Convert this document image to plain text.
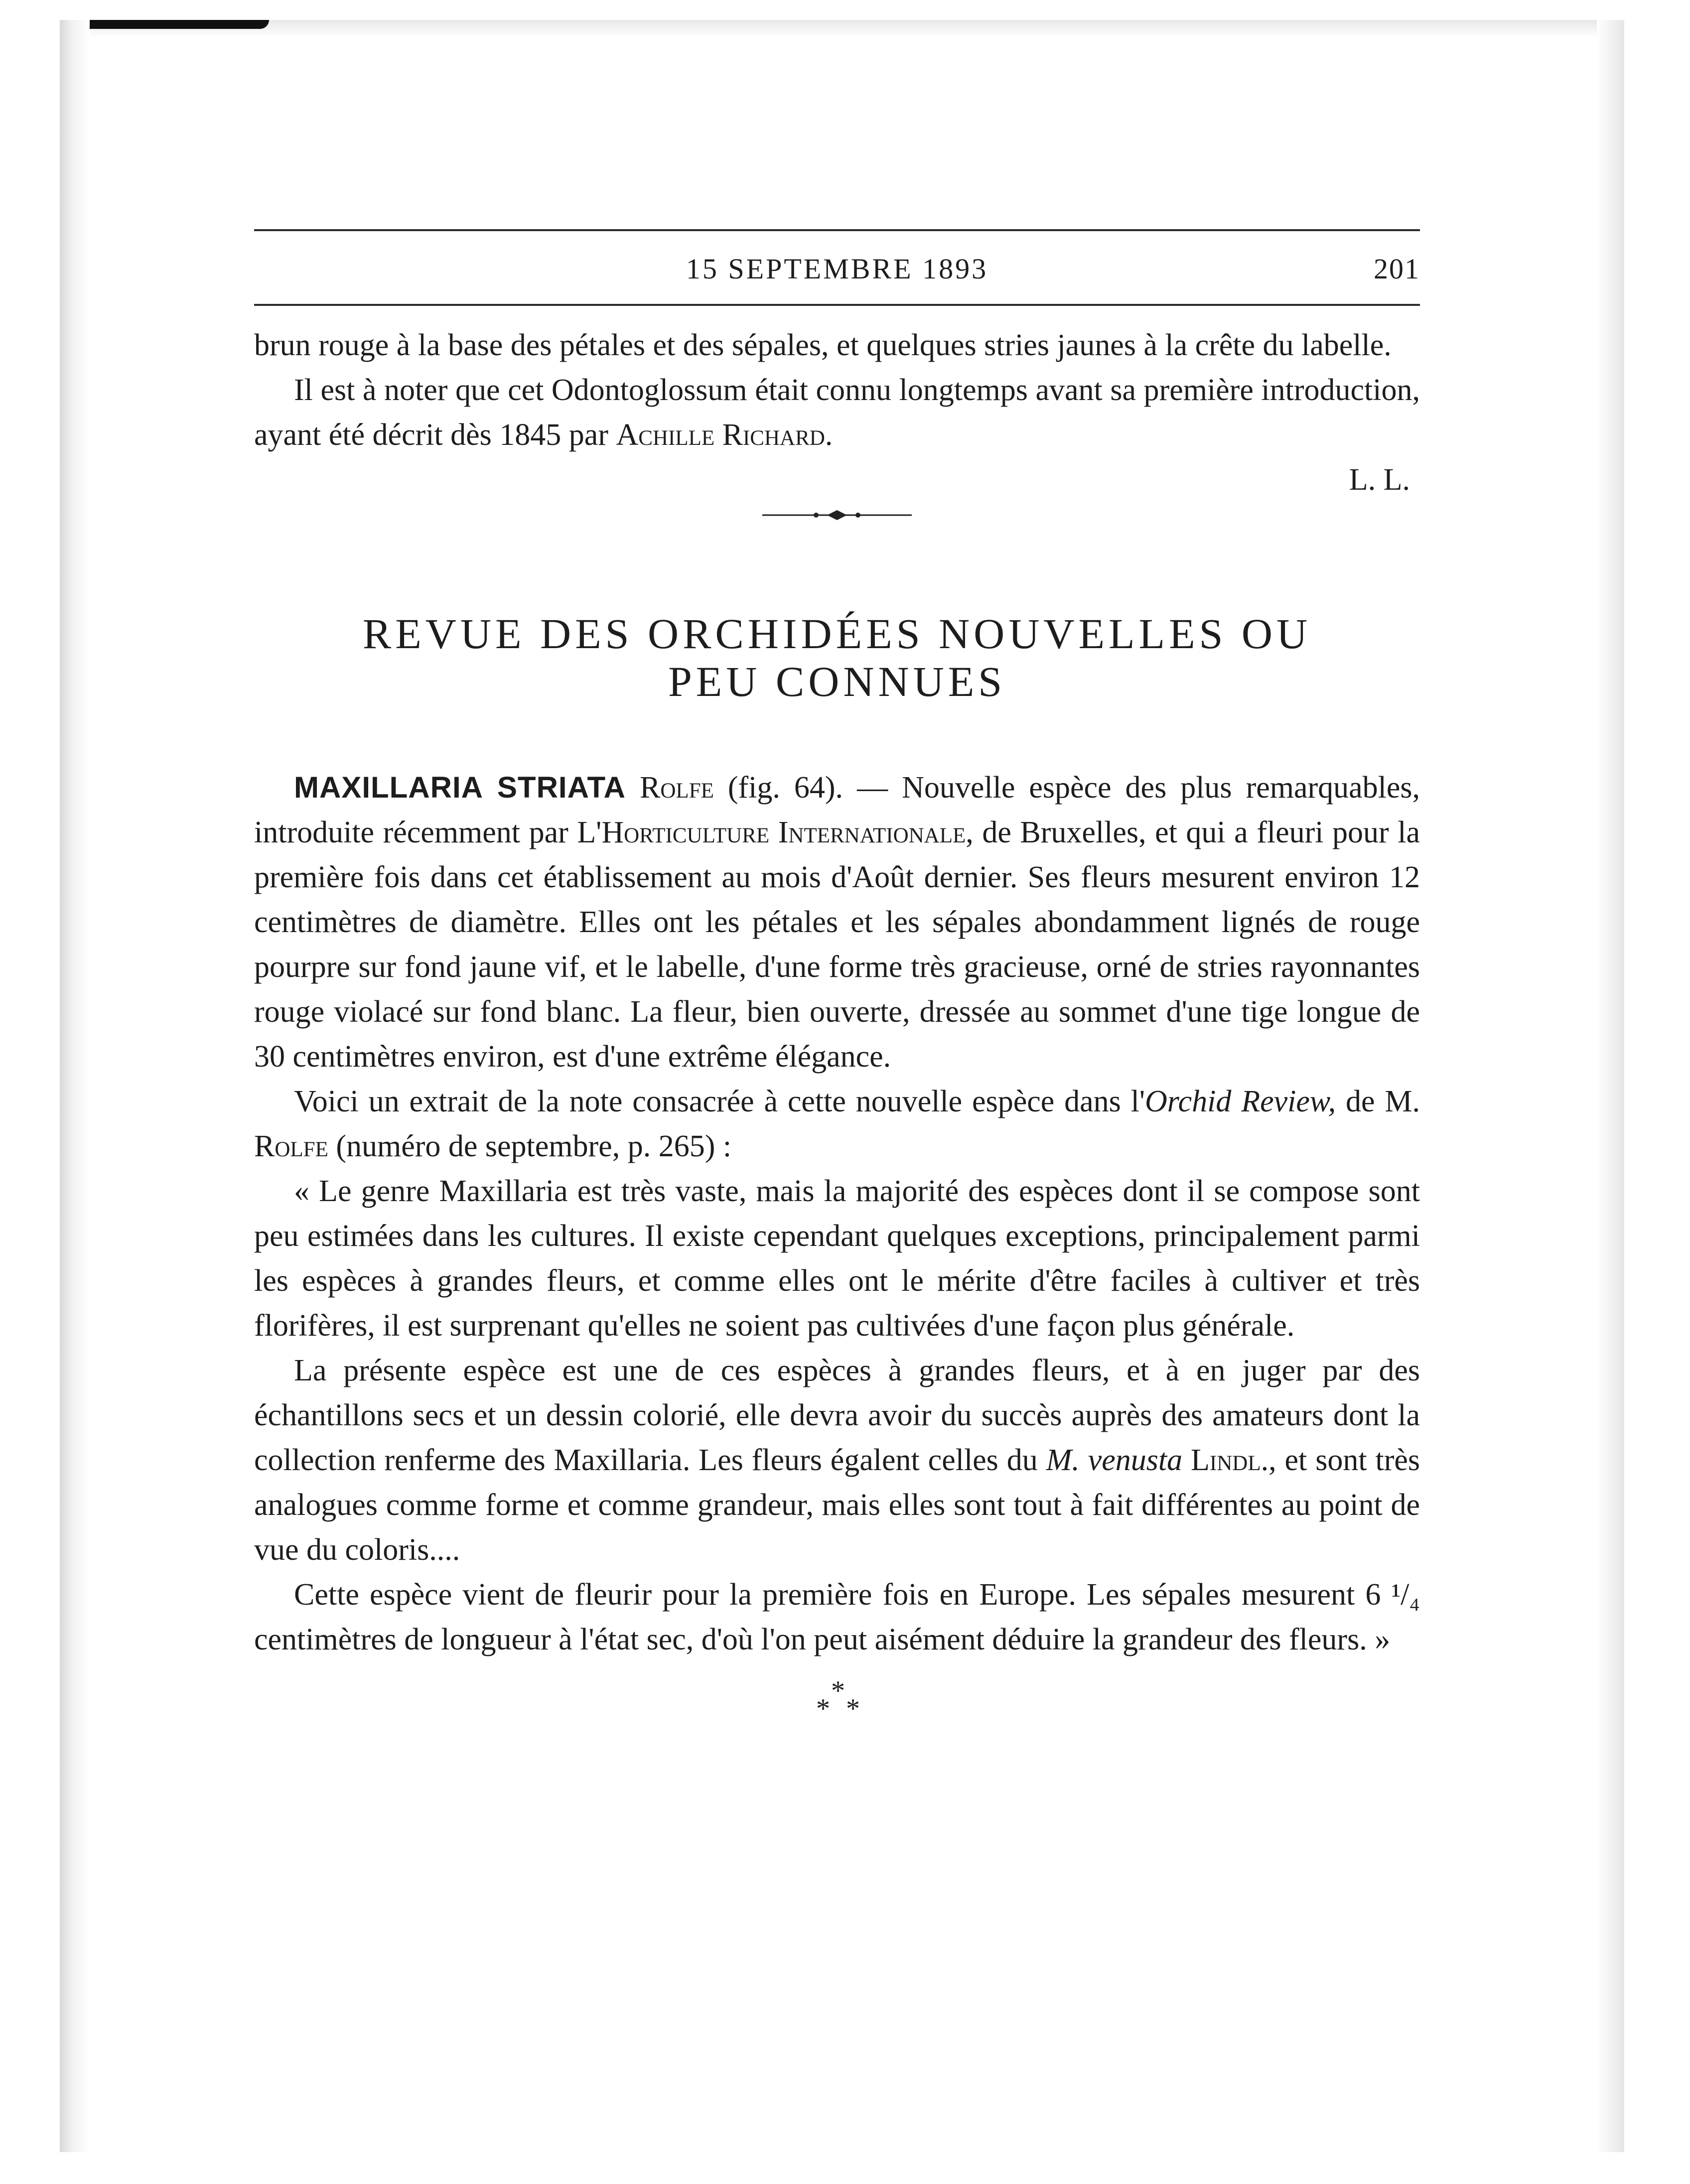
15 SEPTEMBRE 1893	201

brun rouge à la base des pétales et des sépales, et quelques stries jaunes à la crête du labelle.

Il est à noter que cet Odontoglossum était connu longtemps avant sa première introduction, ayant été décrit dès 1845 par Achille Richard.

L. L.
REVUE DES ORCHIDÉES NOUVELLES OU
PEU CONNUES

MAXILLARIA STRIATA Rolfe (fig. 64). — Nouvelle espèce des plus remarquables, introduite récemment par L'Horticulture Internationale, de Bruxelles, et qui a fleuri pour la première fois dans cet établissement au mois d'Août dernier. Ses fleurs mesurent environ 12 centimètres de diamètre. Elles ont les pétales et les sépales abondamment lignés de rouge pourpre sur fond jaune vif, et le labelle, d'une forme très gracieuse, orné de stries rayonnantes rouge violacé sur fond blanc. La fleur, bien ouverte, dressée au sommet d'une tige longue de 30 centimètres environ, est d'une extrême élégance.

Voici un extrait de la note consacrée à cette nouvelle espèce dans l'Orchid Review, de M. Rolfe (numéro de septembre, p. 265) :

« Le genre Maxillaria est très vaste, mais la majorité des espèces dont il se compose sont peu estimées dans les cultures. Il existe cependant quelques exceptions, principalement parmi les espèces à grandes fleurs, et comme elles ont le mérite d'être faciles à cultiver et très florifères, il est surprenant qu'elles ne soient pas cultivées d'une façon plus générale.

La présente espèce est une de ces espèces à grandes fleurs, et à en juger par des échantillons secs et un dessin colorié, elle devra avoir du succès auprès des amateurs dont la collection renferme des Maxillaria. Les fleurs égalent celles du M. venusta Lindl., et sont très analogues comme forme et comme grandeur, mais elles sont tout à fait différentes au point de vue du coloris....

Cette espèce vient de fleurir pour la première fois en Europe. Les sépales mesurent 6 ¹/₄ centimètres de longueur à l'état sec, d'où l'on peut aisément déduire la grandeur des fleurs. »

*
* *
